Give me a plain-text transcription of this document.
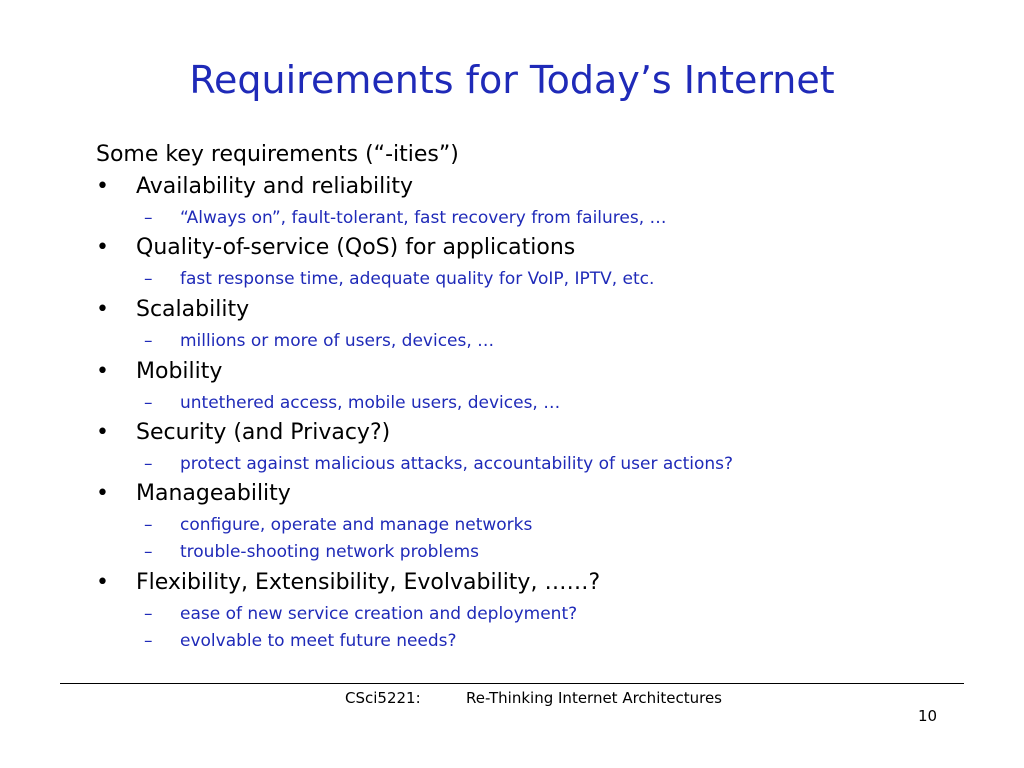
Requirements for Today’s Internet
Some key requirements (“-ities”)
• Availability and reliability
– “Always on”, fault-tolerant, fast recovery from failures, …
• Quality-of-service (QoS) for applications
– fast response time, adequate quality for VoIP, IPTV, etc.
• Scalability
– millions or more of users, devices, …
• Mobility
– untethered access, mobile users, devices, …
• Security (and Privacy?)
– protect against malicious attacks, accountability of user actions?
• Manageability
– configure, operate and manage networks
– trouble-shooting network problems
• Flexibility, Extensibility, Evolvability, ……?
– ease of new service creation and deployment?
– evolvable to meet future needs?
CSci5221:	Re-Thinking Internet Architectures
10
